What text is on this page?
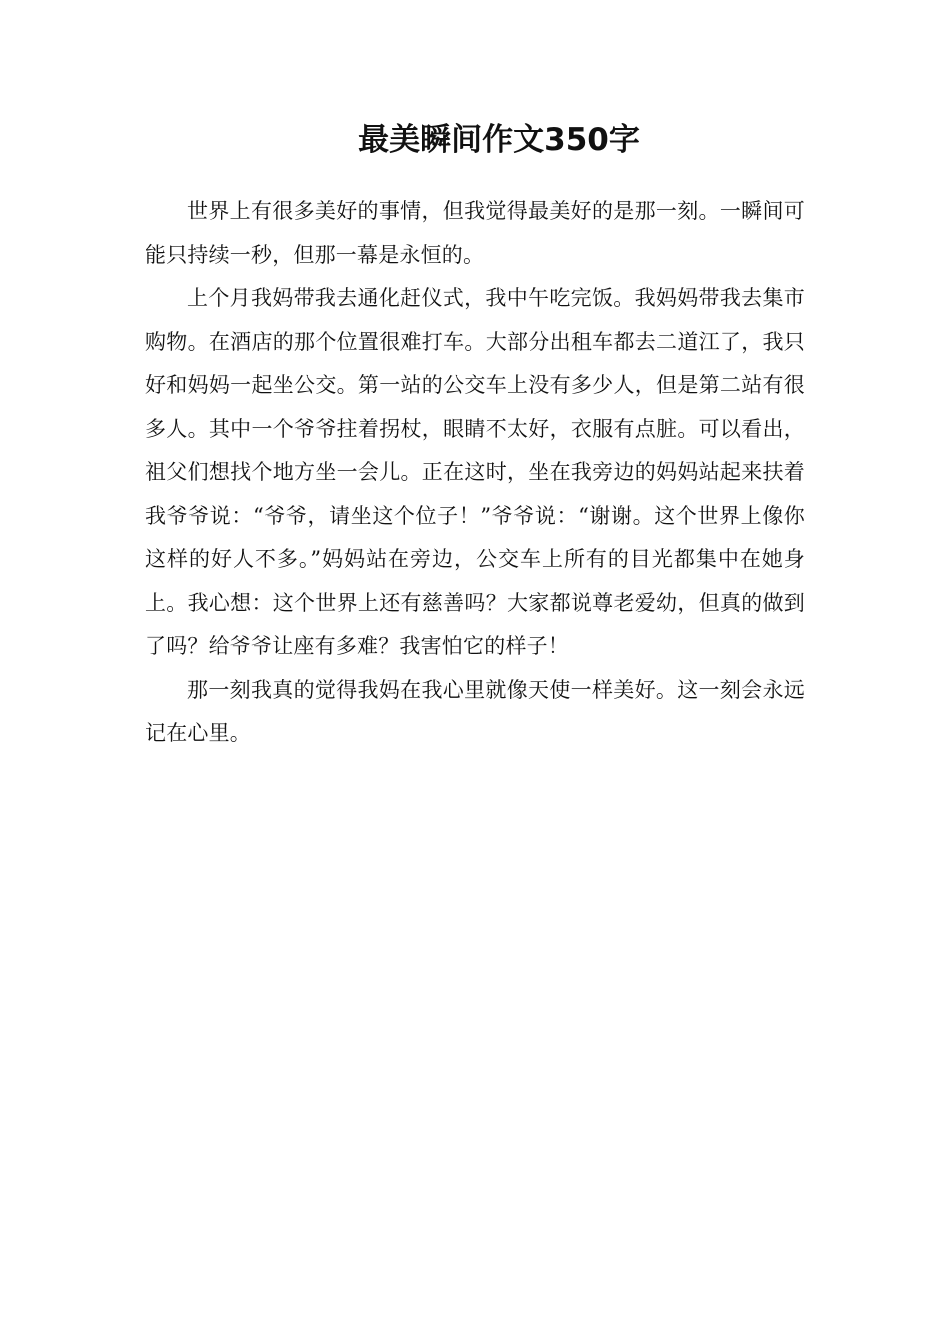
最美瞬间作文350字

世界上有很多美好的事情，但我觉得最美好的是那一刻。一瞬间可能只持续一秒，但那一幕是永恒的。

上个月我妈带我去通化赶仪式，我中午吃完饭。我妈妈带我去集市购物。在酒店的那个位置很难打车。大部分出租车都去二道江了，我只好和妈妈一起坐公交。第一站的公交车上没有多少人，但是第二站有很多人。其中一个爷爷拄着拐杖，眼睛不太好，衣服有点脏。可以看出，祖父们想找个地方坐一会儿。正在这时，坐在我旁边的妈妈站起来扶着我爷爷说：“爷爷，请坐这个位子！”爷爷说：“谢谢。这个世界上像你这样的好人不多。”妈妈站在旁边，公交车上所有的目光都集中在她身上。我心想：这个世界上还有慈善吗？大家都说尊老爱幼，但真的做到了吗？给爷爷让座有多难？我害怕它的样子！

那一刻我真的觉得我妈在我心里就像天使一样美好。这一刻会永远记在心里。
